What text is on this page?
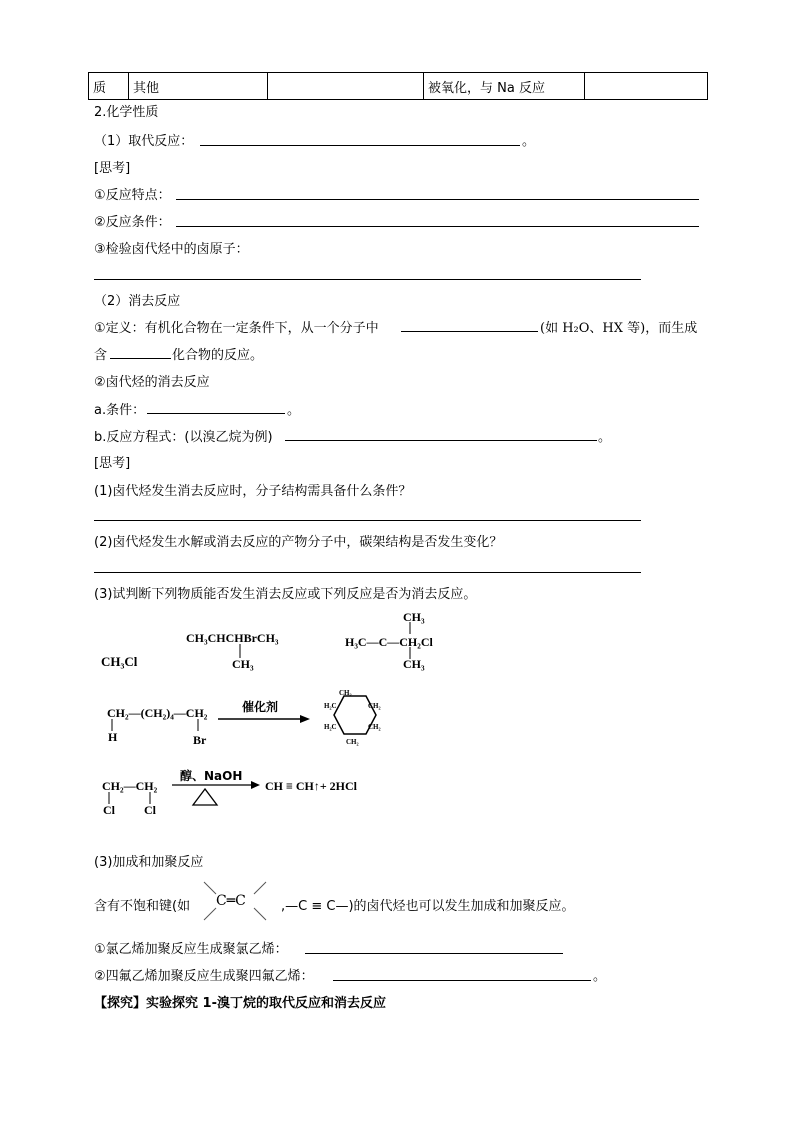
质	其他		被氧化，与 Na 反应	
2.化学性质
（1）取代反应：	。
[思考]
①反应特点：
②反应条件：
③检验卤代烃中的卤原子：
（2）消去反应
①定义：有机化合物在一定条件下，从一个分子中	(如 H₂O、HX 等)，而生成
含	化合物的反应。
②卤代烃的消去反应
a.条件：	。
b.反应方程式：(以溴乙烷为例)	。
[思考]
(1)卤代烃发生消去反应时，分子结构需具备什么条件？
(2)卤代烃发生水解或消去反应的产物分子中，碳架结构是否发生变化？
(3)试判断下列物质能否发生消去反应或下列反应是否为消去反应。
CH₃Cl
CH₃CHCHBrCH₃
CH₃
CH₃
H₃C—C—CH₂Cl
CH₃
CH₂—(CH₂)₄—CH₂
H	Br
催化剂
CH₂
H₂C	CH₂
H₂C	CH₂
CH₂
CH₂—CH₂
Cl Cl
醇、NaOH
CH ≡ CH↑+ 2HCl
(3)加成和加聚反应
含有不饱和键(如 C═C	,—C ≡ C—)的卤代烃也可以发生加成和加聚反应。
①氯乙烯加聚反应生成聚氯乙烯：
②四氟乙烯加聚反应生成聚四氟乙烯：	。
【探究】实验探究 1-溴丁烷的取代反应和消去反应
